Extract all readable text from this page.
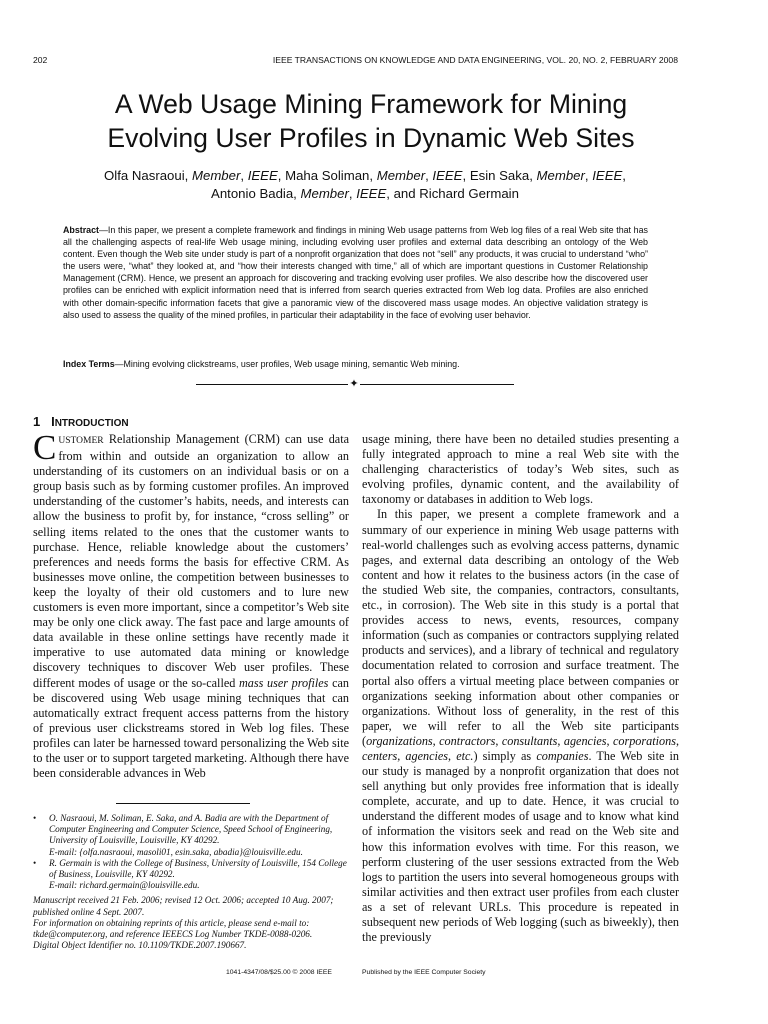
202	IEEE TRANSACTIONS ON KNOWLEDGE AND DATA ENGINEERING, VOL. 20, NO. 2, FEBRUARY 2008
A Web Usage Mining Framework for Mining
Evolving User Profiles in Dynamic Web Sites
Olfa Nasraoui, Member, IEEE, Maha Soliman, Member, IEEE, Esin Saka, Member, IEEE,
Antonio Badia, Member, IEEE, and Richard Germain
Abstract—In this paper, we present a complete framework and findings in mining Web usage patterns from Web log files of a real Web site that has all the challenging aspects of real-life Web usage mining, including evolving user profiles and external data describing an ontology of the Web content. Even though the Web site under study is part of a nonprofit organization that does not “sell” any products, it was crucial to understand “who” the users were, “what” they looked at, and “how their interests changed with time,” all of which are important questions in Customer Relationship Management (CRM). Hence, we present an approach for discovering and tracking evolving user profiles. We also describe how the discovered user profiles can be enriched with explicit information need that is inferred from search queries extracted from Web log data. Profiles are also enriched with other domain-specific information facets that give a panoramic view of the discovered mass usage modes. An objective validation strategy is also used to assess the quality of the mined profiles, in particular their adaptability in the face of evolving user behavior.
Index Terms—Mining evolving clickstreams, user profiles, Web usage mining, semantic Web mining.
✦
1 INTRODUCTION

CUSTOMER Relationship Management (CRM) can use data from within and outside an organization to allow an understanding of its customers on an individual basis or on a group basis such as by forming customer profiles. An improved understanding of the customer’s habits, needs, and interests can allow the business to profit by, for instance, “cross selling” or selling items related to the ones that the customer wants to purchase. Hence, reliable knowledge about the customers’ preferences and needs forms the basis for effective CRM. As businesses move online, the competition between businesses to keep the loyalty of their old customers and to lure new customers is even more important, since a competitor’s Web site may be only one click away. The fast pace and large amounts of data available in these online settings have recently made it imperative to use automated data mining or knowledge discovery techniques to discover Web user profiles. These different modes of usage or the so-called mass user profiles can be discovered using Web usage mining techniques that can automatically extract frequent access patterns from the history of previous user clickstreams stored in Web log files. These profiles can later be harnessed toward personalizing the Web site to the user or to support targeted marketing. Although there have been considerable advances in Web

usage mining, there have been no detailed studies presenting a fully integrated approach to mine a real Web site with the challenging characteristics of today’s Web sites, such as evolving profiles, dynamic content, and the availability of taxonomy or databases in addition to Web logs.

In this paper, we present a complete framework and a summary of our experience in mining Web usage patterns with real-world challenges such as evolving access patterns, dynamic pages, and external data describing an ontology of the Web content and how it relates to the business actors (in the case of the studied Web site, the companies, contractors, consultants, etc., in corrosion). The Web site in this study is a portal that provides access to news, events, resources, company information (such as companies or contractors supplying related products and services), and a library of technical and regulatory documentation related to corrosion and surface treatment. The portal also offers a virtual meeting place between companies or organizations seeking information about other companies or organizations. Without loss of generality, in the rest of this paper, we will refer to all the Web site participants (organizations, contractors, consultants, agencies, corporations, centers, agencies, etc.) simply as companies. The Web site in our study is managed by a nonprofit organization that does not sell anything but only provides free information that is ideally complete, accurate, and up to date. Hence, it was crucial to understand the different modes of usage and to know what kind of information the visitors seek and read on the Web site and how this information evolves with time. For this reason, we perform clustering of the user sessions extracted from the Web logs to partition the users into several homogeneous groups with similar activities and then extract user profiles from each cluster as a set of relevant URLs. This procedure is repeated in subsequent new periods of Web logging (such as biweekly), then the previously

• O. Nasraoui, M. Soliman, E. Saka, and A. Badia are with the Department of Computer Engineering and Computer Science, Speed School of Engineering, University of Louisville, Louisville, KY 40292.
E-mail: {olfa.nasraoui, masoli01, esin.saka, abadia}@louisville.edu.
• R. Germain is with the College of Business, University of Louisville, 154 College of Business, Louisville, KY 40292.
E-mail: richard.germain@louisville.edu.
Manuscript received 21 Feb. 2006; revised 12 Oct. 2006; accepted 10 Aug. 2007; published online 4 Sept. 2007.
For information on obtaining reprints of this article, please send e-mail to: tkde@computer.org, and reference IEEECS Log Number TKDE-0088-0206.
Digital Object Identifier no. 10.1109/TKDE.2007.190667.
1041-4347/08/$25.00 © 2008 IEEE	Published by the IEEE Computer Society
